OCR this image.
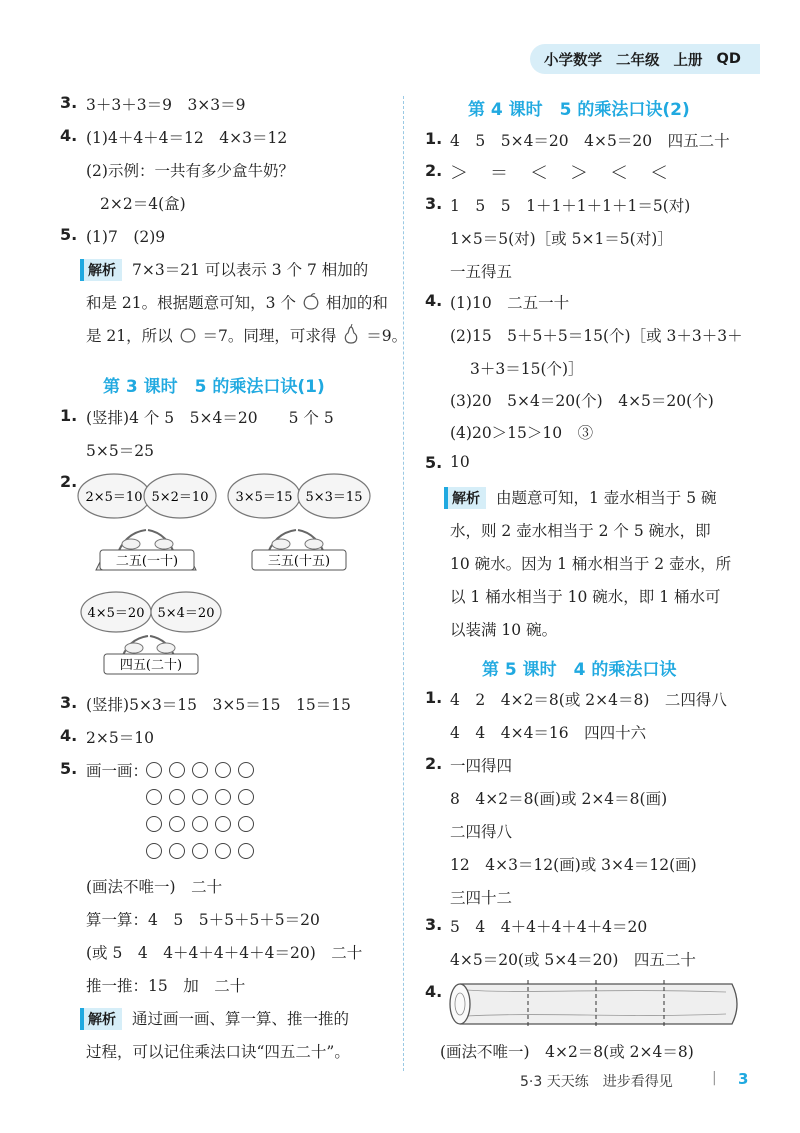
小学数学 二年级 上册 QD
3. 3＋3＋3＝9　3×3＝9
4. (1)4＋4＋4＝12　4×3＝12
(2)示例：一共有多少盒牛奶？
2×2＝4(盒)
5. (1)7　(2)9
解析 7×3＝21 可以表示 3 个 7 相加的
和是 21。根据题意可知，3 个 相加的和
是 21，所以 ＝7。同理，可求得 ＝9。
第 3 课时　5 的乘法口诀(1)
1. (竖排)4 个 5　5×4＝20　　5 个 5
5×5＝25
2.
2×5＝10 5×2＝10
二五(一十)
3×5＝15 5×3＝15
三五(十五)
4×5＝20 5×4＝20
四五(二十)
3. (竖排)5×3＝15　3×5＝15　15＝15
4. 2×5＝10
5. 画一画：
(画法不唯一)　二十
算一算：4　5　5＋5＋5＋5＝20
(或 5　4　4＋4＋4＋4＋4＝20)　二十
推一推：15　加　二十
解析 通过画一画、算一算、推一推的
过程，可以记住乘法口诀“四五二十”。
第 4 课时　5 的乘法口诀(2)
1. 4　5　5×4＝20　4×5＝20　四五二十
2. ＞　＝　＜　＞　＜　＜
3. 1　5　5　1＋1＋1＋1＋1＝5(对)
1×5＝5(对)［或 5×1＝5(对)］
一五得五
4. (1)10　二五一十
(2)15　5＋5＋5＝15(个)［或 3＋3＋3＋
3＋3＝15(个)］
(3)20　5×4＝20(个)　4×5＝20(个)
(4)20＞15＞10　③
5. 10
解析 由题意可知，1 壶水相当于 5 碗
水，则 2 壶水相当于 2 个 5 碗水，即
10 碗水。因为 1 桶水相当于 2 壶水，所
以 1 桶水相当于 10 碗水，即 1 桶水可
以装满 10 碗。
第 5 课时　4 的乘法口诀
1. 4　2　4×2＝8(或 2×4＝8)　二四得八
4　4　4×4＝16　四四十六
2. 一四得四
8　4×2＝8(画)或 2×4＝8(画)
二四得八
12　4×3＝12(画)或 3×4＝12(画)
三四十二
3. 5　4　4＋4＋4＋4＋4＝20
4×5＝20(或 5×4＝20)　四五二十
4.
(画法不唯一)　4×2＝8(或 2×4＝8)
5·3 天天练　进步看得见	| 3
